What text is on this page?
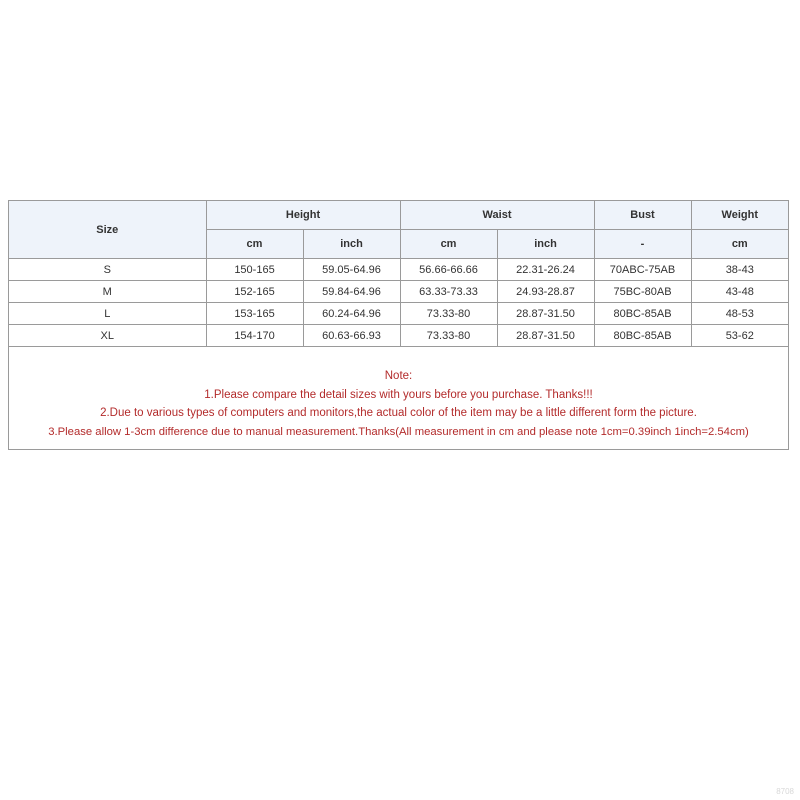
Size	Height		Waist		Bust	Weight
	cm	inch	cm	inch	-	cm
S	150-165	59.05-64.96	56.66-66.66	22.31-26.24	70ABC-75AB	38-43
M	152-165	59.84-64.96	63.33-73.33	24.93-28.87	75BC-80AB	43-48
L	153-165	60.24-64.96	73.33-80	28.87-31.50	80BC-85AB	48-53
XL	154-170	60.63-66.93	73.33-80	28.87-31.50	80BC-85AB	53-62
Note:
1.Please compare the detail sizes with yours before you purchase. Thanks!!!
2.Due to various types of computers and monitors,the actual color of the item may be a little different form the picture.
3.Please allow 1-3cm difference due to manual measurement.Thanks(All measurement in cm and please note 1cm=0.39inch 1inch=2.54cm)
8708
